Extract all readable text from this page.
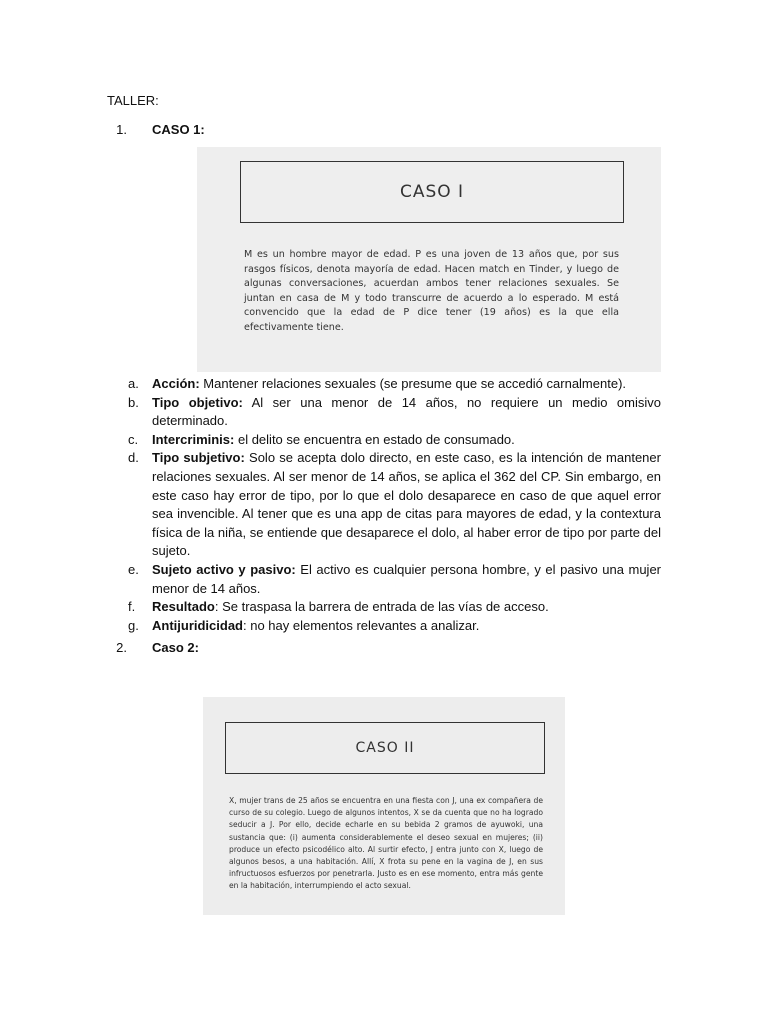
TALLER:
1. CASO 1:
CASO I
M es un hombre mayor de edad. P es una joven de 13 años que, por sus rasgos físicos, denota mayoría de edad. Hacen match en Tinder, y luego de algunas conversaciones, acuerdan ambos tener relaciones sexuales. Se juntan en casa de M y todo transcurre de acuerdo a lo esperado. M está convencido que la edad de P dice tener (19 años) es la que ella efectivamente tiene.
a.	Acción: Mantener relaciones sexuales (se presume que se accedió carnalmente).
b.	Tipo objetivo: Al ser una menor de 14 años, no requiere un medio omisivo determinado.
c.	Intercriminis: el delito se encuentra en estado de consumado.
d.	Tipo subjetivo: Solo se acepta dolo directo, en este caso, es la intención de mantener relaciones sexuales. Al ser menor de 14 años, se aplica el 362 del CP. Sin embargo, en este caso hay error de tipo, por lo que el dolo desaparece en caso de que aquel error sea invencible. Al tener que es una app de citas para mayores de edad, y la contextura física de la niña, se entiende que desaparece el dolo, al haber error de tipo por parte del sujeto.
e.	Sujeto activo y pasivo: El activo es cualquier persona hombre, y el pasivo una mujer menor de 14 años.
f.	Resultado: Se traspasa la barrera de entrada de las vías de acceso.
g.	Antijuridicidad: no hay elementos relevantes a analizar.
2. Caso 2:
CASO II
X, mujer trans de 25 años se encuentra en una fiesta con J, una ex compañera de curso de su colegio. Luego de algunos intentos, X se da cuenta que no ha logrado seducir a J. Por ello, decide echarle en su bebida 2 gramos de ayuwoki, una sustancia que: (i) aumenta considerablemente el deseo sexual en mujeres; (ii) produce un efecto psicodélico alto. Al surtir efecto, J entra junto con X, luego de algunos besos, a una habitación. Allí, X frota su pene en la vagina de J, en sus infructuosos esfuerzos por penetrarla. Justo es en ese momento, entra más gente en la habitación, interrumpiendo el acto sexual.
